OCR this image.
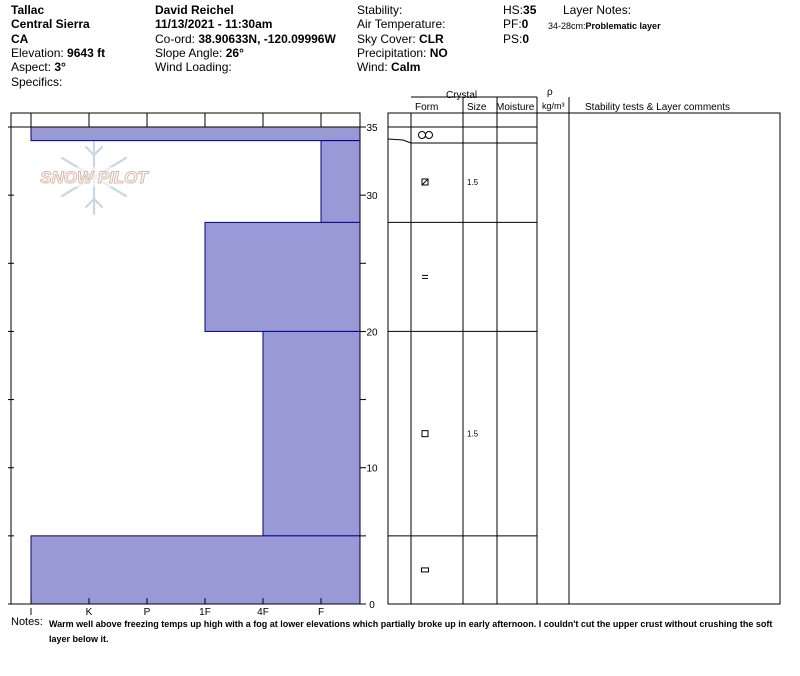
Tallac
Central Sierra
CA
Elevation: 9643 ft
Aspect: 3°
Specifics:
David Reichel
11/13/2021 - 11:30am
Co-ord: 38.90633N, -120.09996W
Slope Angle: 26°
Wind Loading:
Stability:
Air Temperature:
Sky Cover: CLR
Precipitation: NO
Wind: Calm
HS:35
PF:0
PS:0
Layer Notes:
34-28cm:Problematic layer
Crystal
Form	Size Moisture
ρ
kg/m³ Stability tests & Layer comments
SNOW PILOT
I	K	P	1F	4F	F
0
10
20
30
35
1.5
1.5
Notes: Warm well above freezing temps up high with a fog at lower elevations which partially broke up in early afternoon. I couldn't cut the upper crust without crushing the soft layer below it.
